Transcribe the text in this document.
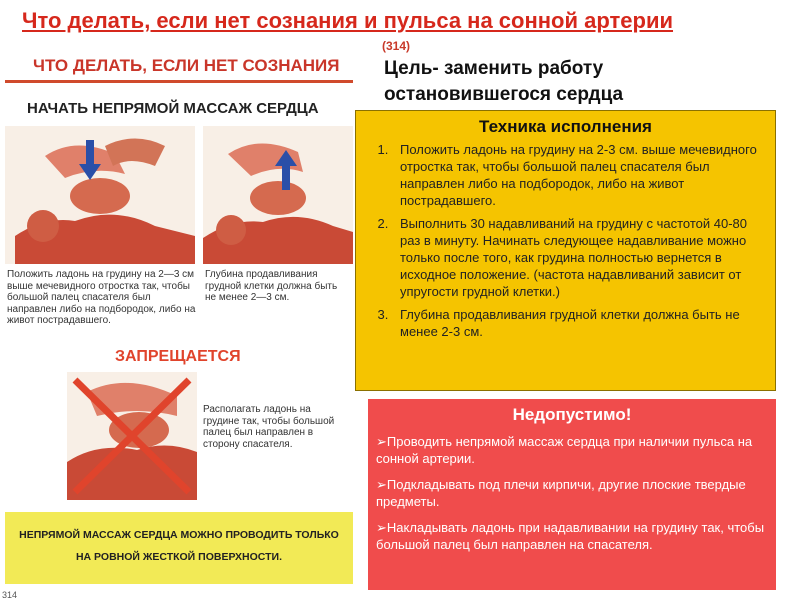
Что делать, если нет сознания и пульса на сонной артерии
(314)
Цель- заменить работу остановившегося сердца
ЧТО ДЕЛАТЬ, ЕСЛИ НЕТ СОЗНАНИЯ
НАЧАТЬ НЕПРЯМОЙ МАССАЖ СЕРДЦА
Положить ладонь на грудину на 2—3 см выше мечевидного отростка так, чтобы большой палец спасателя был направлен либо на подбородок, либо на живот пострадавшего.
Глубина продавливания грудной клетки должна быть не менее 2—3 см.
ЗАПРЕЩАЕТСЯ
Располагать ладонь на грудине так, чтобы большой палец был направлен в сторону спасателя.
НЕПРЯМОЙ МАССАЖ СЕРДЦА МОЖНО ПРОВОДИТЬ ТОЛЬКО
НА РОВНОЙ ЖЕСТКОЙ ПОВЕРХНОСТИ.
314
Техника исполнения
1. Положить ладонь на грудину на 2-3 см. выше мечевидного отростка так, чтобы большой палец спасателя был направлен либо на подбородок, либо на живот пострадавшего.
2. Выполнить 30 надавливаний на грудину с частотой 40-80 раз в минуту. Начинать следующее надавливание можно только после того, как грудина полностью вернется в исходное положение. (частота надавливаний зависит от упругости грудной клетки.)
3. Глубина продавливания грудной клетки должна быть не менее 2-3 см.
Недопустимо!

➢Проводить непрямой массаж сердца при наличии пульса на сонной артерии.

➢Подкладывать под плечи кирпичи, другие плоские твердые предметы.

➢Накладывать ладонь при надавливании на грудину так, чтобы большой палец был направлен на спасателя.
